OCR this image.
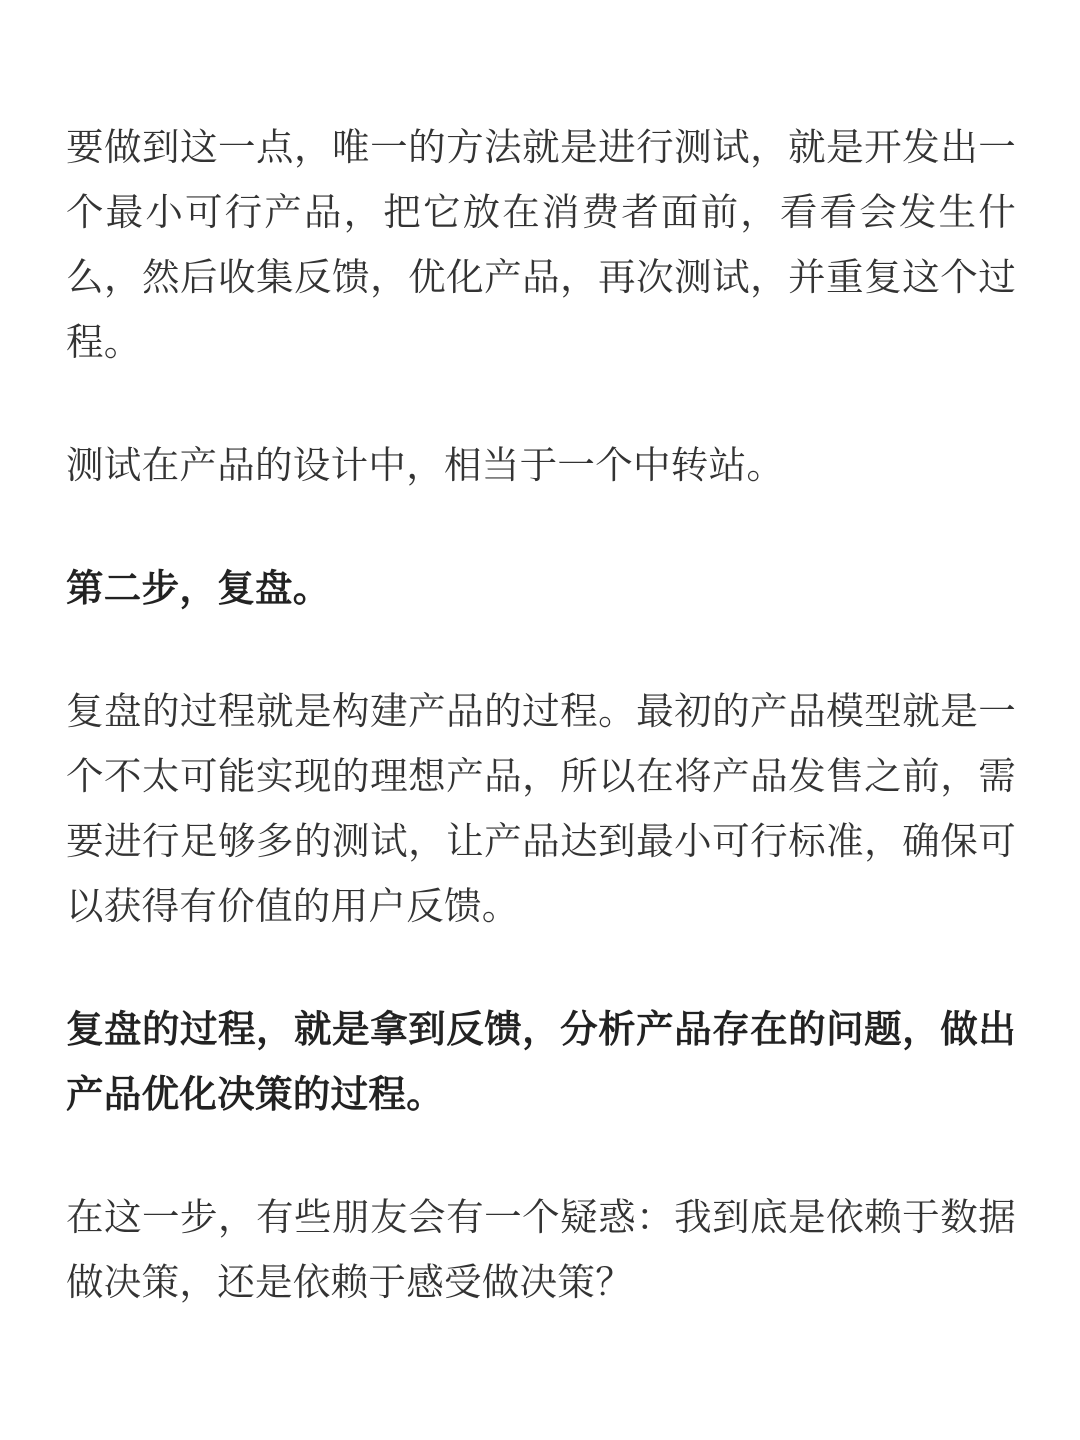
要做到这一点，唯一的方法就是进行测试，就是开发出一个最小可行产品，把它放在消费者面前，看看会发生什么，然后收集反馈，优化产品，再次测试，并重复这个过程。

测试在产品的设计中，相当于一个中转站。

第二步，复盘。

复盘的过程就是构建产品的过程。最初的产品模型就是一个不太可能实现的理想产品，所以在将产品发售之前，需要进行足够多的测试，让产品达到最小可行标准，确保可以获得有价值的用户反馈。

复盘的过程，就是拿到反馈，分析产品存在的问题，做出产品优化决策的过程。

在这一步，有些朋友会有一个疑惑：我到底是依赖于数据做决策，还是依赖于感受做决策？
